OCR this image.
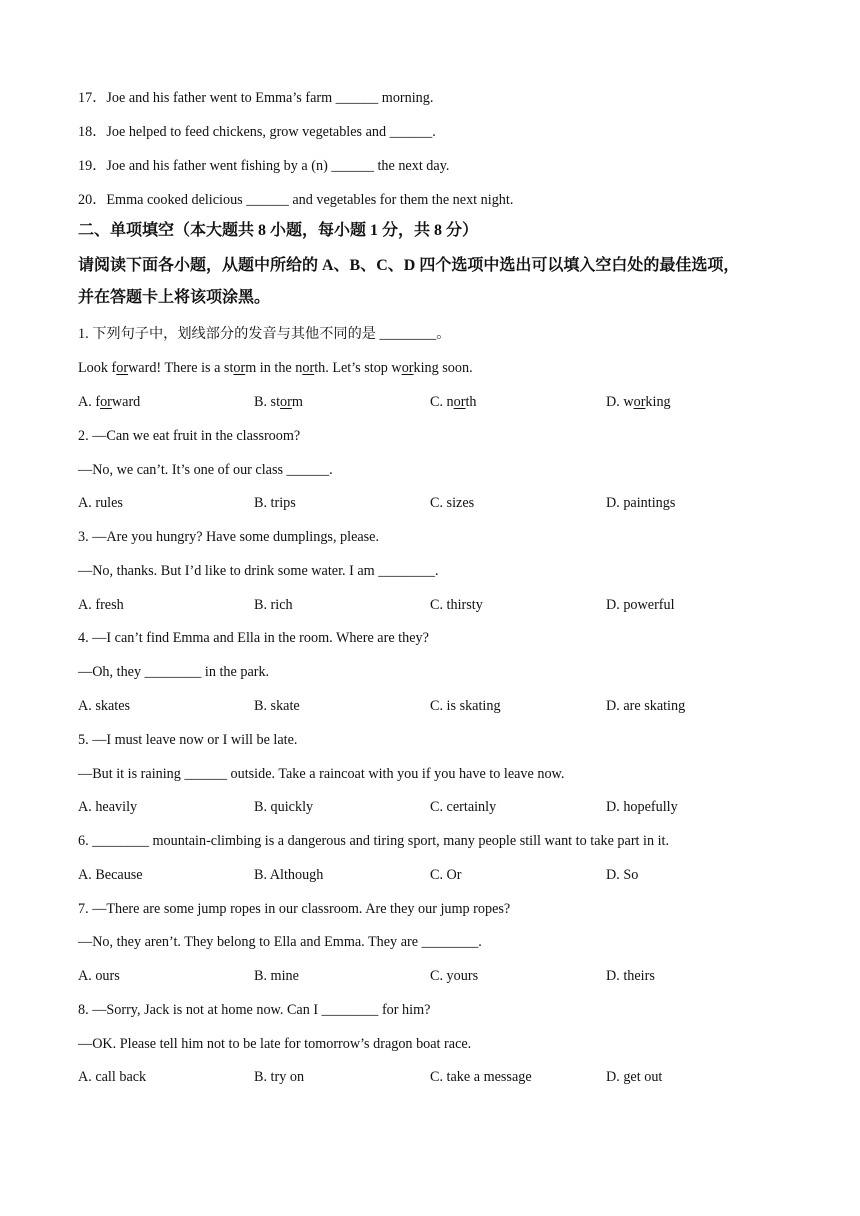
17．Joe and his father went to Emma’s farm ______ morning.
18．Joe helped to feed chickens, grow vegetables and ______.
19．Joe and his father went fishing by a (n) ______ the next day.
20．Emma cooked delicious ______ and vegetables for them the next night.
二、单项填空（本大题共 8 小题，每小题 1 分，共 8 分）
请阅读下面各小题，从题中所给的 A、B、C、D 四个选项中选出可以填入空白处的最佳选项，
并在答题卡上将该项涂黑。
1. 下列句子中，划线部分的发音与其他不同的是 ________。
Look forward! There is a storm in the north. Let’s stop working soon.
A. forward	B. storm	C. north	D. working
2. —Can we eat fruit in the classroom?
—No, we can’t. It’s one of our class ______.
A. rules	B. trips	C. sizes	D. paintings
3. —Are you hungry? Have some dumplings, please.
—No, thanks. But I’d like to drink some water. I am ________.
A. fresh	B. rich	C. thirsty	D. powerful
4. —I can’t find Emma and Ella in the room. Where are they?
—Oh, they ________ in the park.
A. skates	B. skate	C. is skating	D. are skating
5. —I must leave now or I will be late.
—But it is raining ______ outside. Take a raincoat with you if you have to leave now.
A. heavily	B. quickly	C. certainly	D. hopefully
6. ________ mountain-climbing is a dangerous and tiring sport, many people still want to take part in it.
A. Because	B. Although	C. Or	D. So
7. —There are some jump ropes in our classroom. Are they our jump ropes?
—No, they aren’t. They belong to Ella and Emma. They are ________.
A. ours	B. mine	C. yours	D. theirs
8. —Sorry, Jack is not at home now. Can I ________ for him?
—OK. Please tell him not to be late for tomorrow’s dragon boat race.
A. call back	B. try on	C. take a message	D. get out
